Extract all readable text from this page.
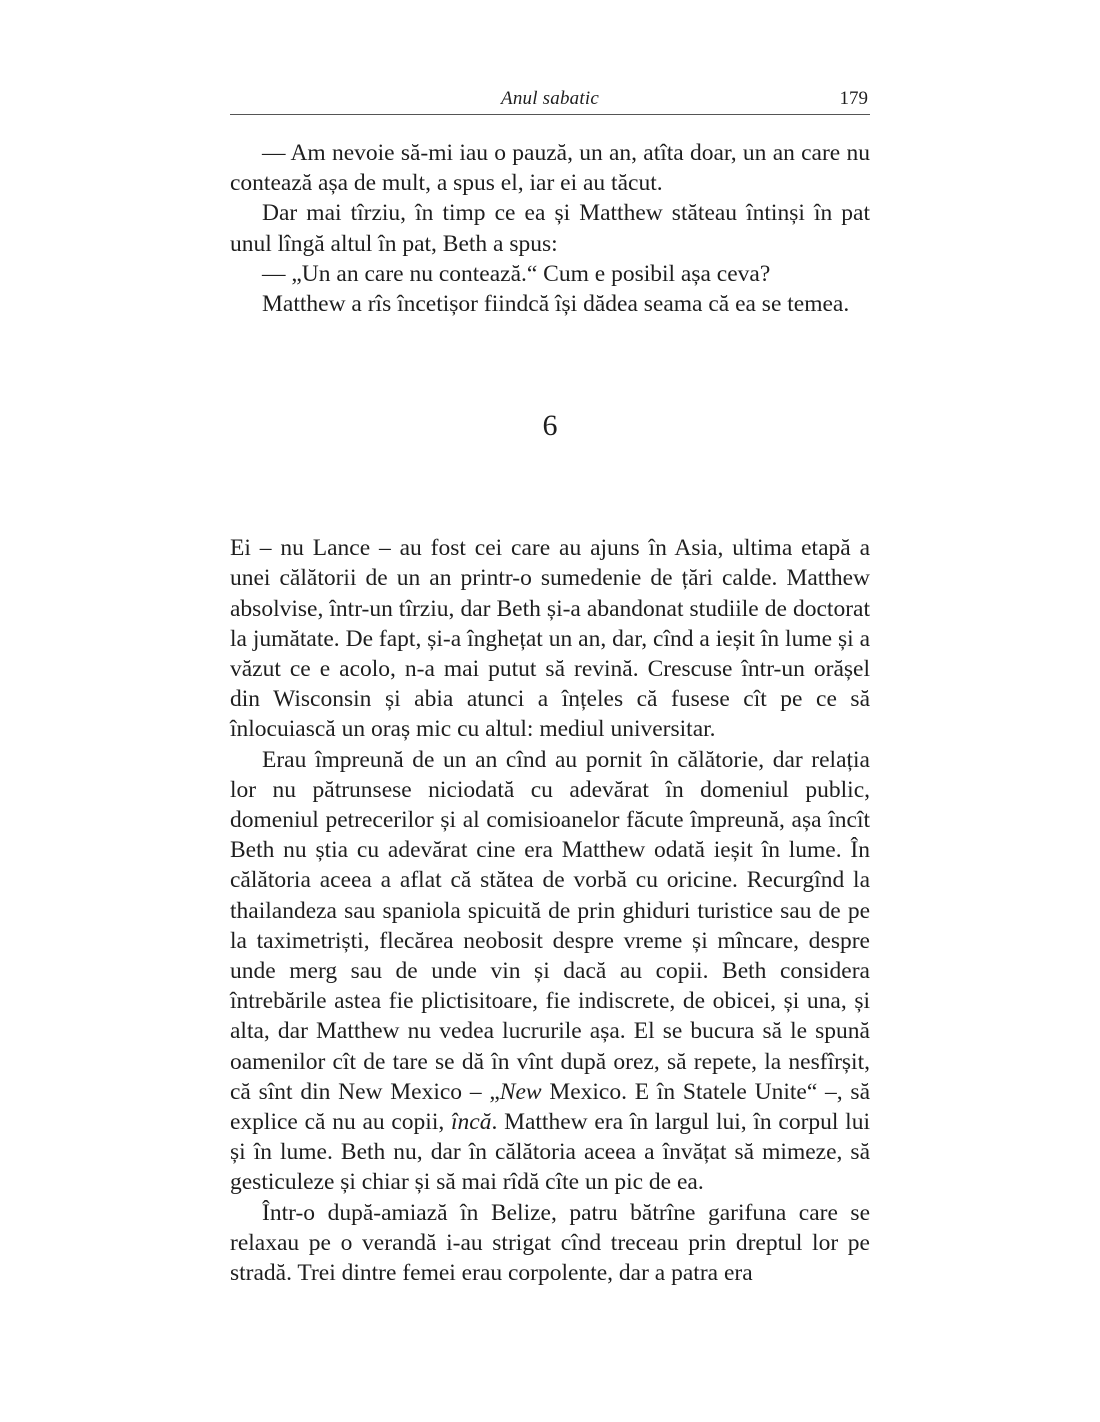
Anul sabatic	179

— Am nevoie să-mi iau o pauză, un an, atîta doar, un an care nu contează așa de mult, a spus el, iar ei au tăcut.

Dar mai tîrziu, în timp ce ea și Matthew stăteau întinși în pat unul lîngă altul în pat, Beth a spus:

— „Un an care nu contează.“ Cum e posibil așa ceva?

Matthew a rîs încetișor fiindcă își dădea seama că ea se temea.

6

Ei – nu Lance – au fost cei care au ajuns în Asia, ultima etapă a unei călătorii de un an printr-o sumedenie de țări calde. Matthew absolvise, într-un tîrziu, dar Beth și-a abandonat studiile de doctorat la jumătate. De fapt, și-a înghețat un an, dar, cînd a ieșit în lume și a văzut ce e acolo, n-a mai putut să revină. Crescuse într-un orășel din Wisconsin și abia atunci a înțeles că fusese cît pe ce să înlocuiască un oraș mic cu altul: mediul universitar.

Erau împreună de un an cînd au pornit în călătorie, dar relația lor nu pătrunsese niciodată cu adevărat în domeniul public, domeniul petrecerilor și al comisioanelor făcute împreună, așa încît Beth nu știa cu adevărat cine era Matthew odată ieșit în lume. În călătoria aceea a aflat că stătea de vorbă cu oricine. Recurgînd la thailandeza sau spaniola spicuită de prin ghiduri turistice sau de pe la taximetriști, flecărea neobosit despre vreme și mîncare, despre unde merg sau de unde vin și dacă au copii. Beth considera întrebările astea fie plictisitoare, fie indiscrete, de obicei, și una, și alta, dar Matthew nu vedea lucrurile așa. El se bucura să le spună oamenilor cît de tare se dă în vînt după orez, să repete, la nesfîrșit, că sînt din New Mexico – „New Mexico. E în Statele Unite“ –, să explice că nu au copii, încă. Matthew era în largul lui, în corpul lui și în lume. Beth nu, dar în călătoria aceea a învățat să mimeze, să gesticuleze și chiar și să mai rîdă cîte un pic de ea.

Într-o după-amiază în Belize, patru bătrîne garifuna care se relaxau pe o verandă i-au strigat cînd treceau prin dreptul lor pe stradă. Trei dintre femei erau corpolente, dar a patra era
